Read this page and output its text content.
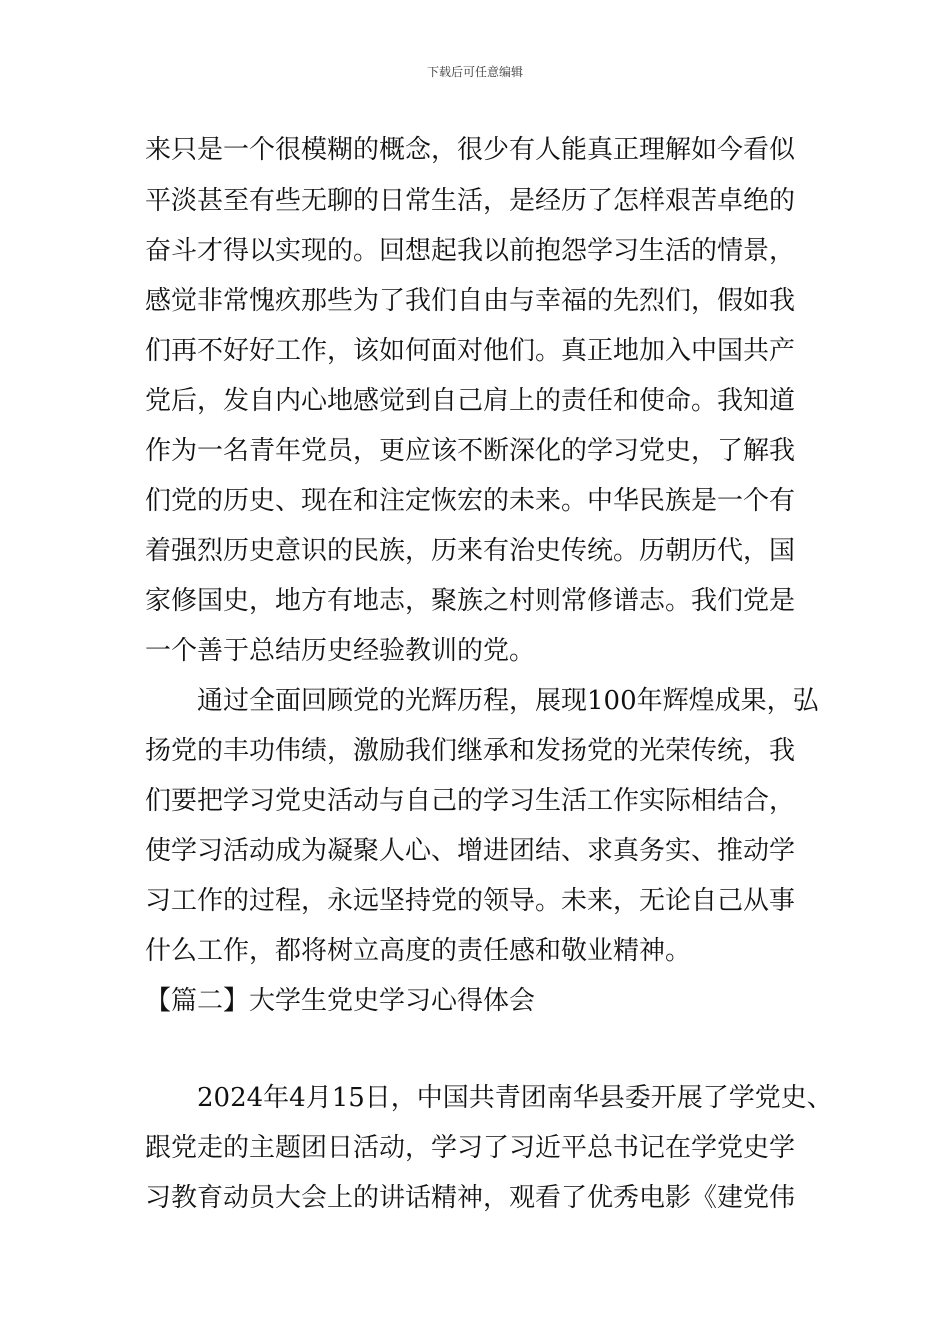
下载后可任意编辑
来只是一个很模糊的概念，很少有人能真正理解如今看似
平淡甚至有些无聊的日常生活，是经历了怎样艰苦卓绝的
奋斗才得以实现的。回想起我以前抱怨学习生活的情景，
感觉非常愧疚那些为了我们自由与幸福的先烈们，假如我
们再不好好工作，该如何面对他们。真正地加入中国共产
党后，发自内心地感觉到自己肩上的责任和使命。我知道
作为一名青年党员，更应该不断深化的学习党史，了解我
们党的历史、现在和注定恢宏的未来。中华民族是一个有
着强烈历史意识的民族，历来有治史传统。历朝历代，国
家修国史，地方有地志，聚族之村则常修谱志。我们党是
一个善于总结历史经验教训的党。
通过全面回顾党的光辉历程，展现100年辉煌成果，弘
扬党的丰功伟绩，激励我们继承和发扬党的光荣传统，我
们要把学习党史活动与自己的学习生活工作实际相结合，
使学习活动成为凝聚人心、增进团结、求真务实、推动学
习工作的过程，永远坚持党的领导。未来，无论自己从事
什么工作，都将树立高度的责任感和敬业精神。
【篇二】大学生党史学习心得体会
2024年4月15日，中国共青团南华县委开展了学党史、
跟党走的主题团日活动，学习了习近平总书记在学党史学
习教育动员大会上的讲话精神，观看了优秀电影《建党伟
